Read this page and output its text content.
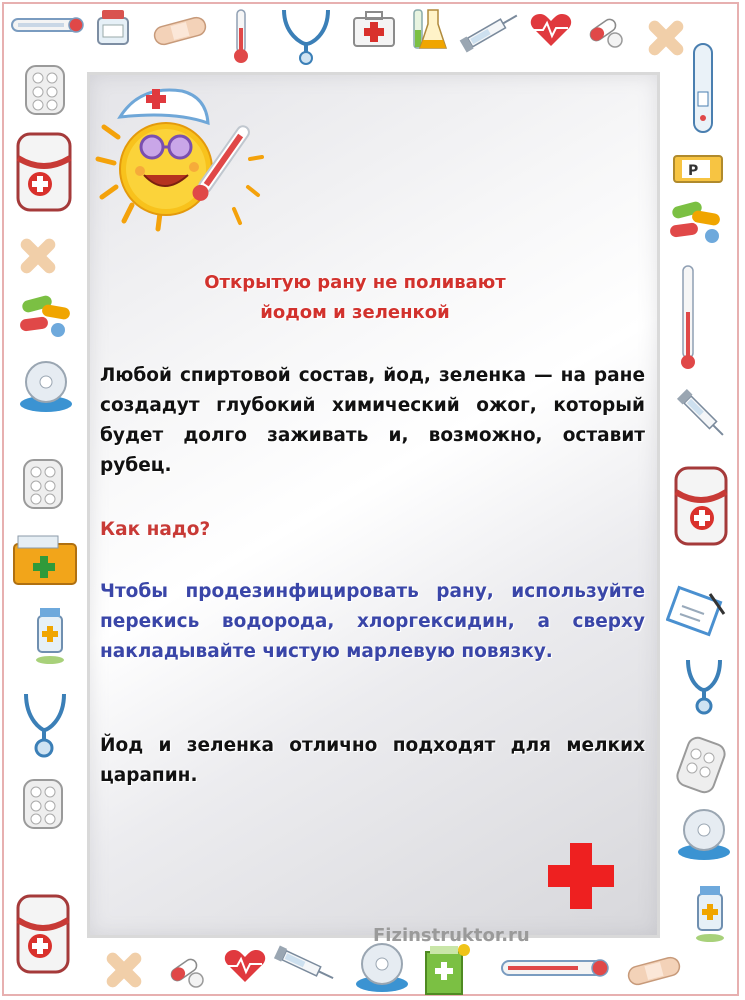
P
Открытую рану не поливают
йодом и зеленкой
Любой спиртовой состав, йод, зеленка — на ране создадут глубокий химический ожог, который будет долго заживать и, возможно, оставит рубец.
Как надо?
Чтобы продезинфицировать рану, используйте перекись водорода, хлоргексидин, а сверху накладывайте чистую марлевую повязку.
Йод и зеленка отлично подходят для мелких царапин.
Fizinstruktor.ru
